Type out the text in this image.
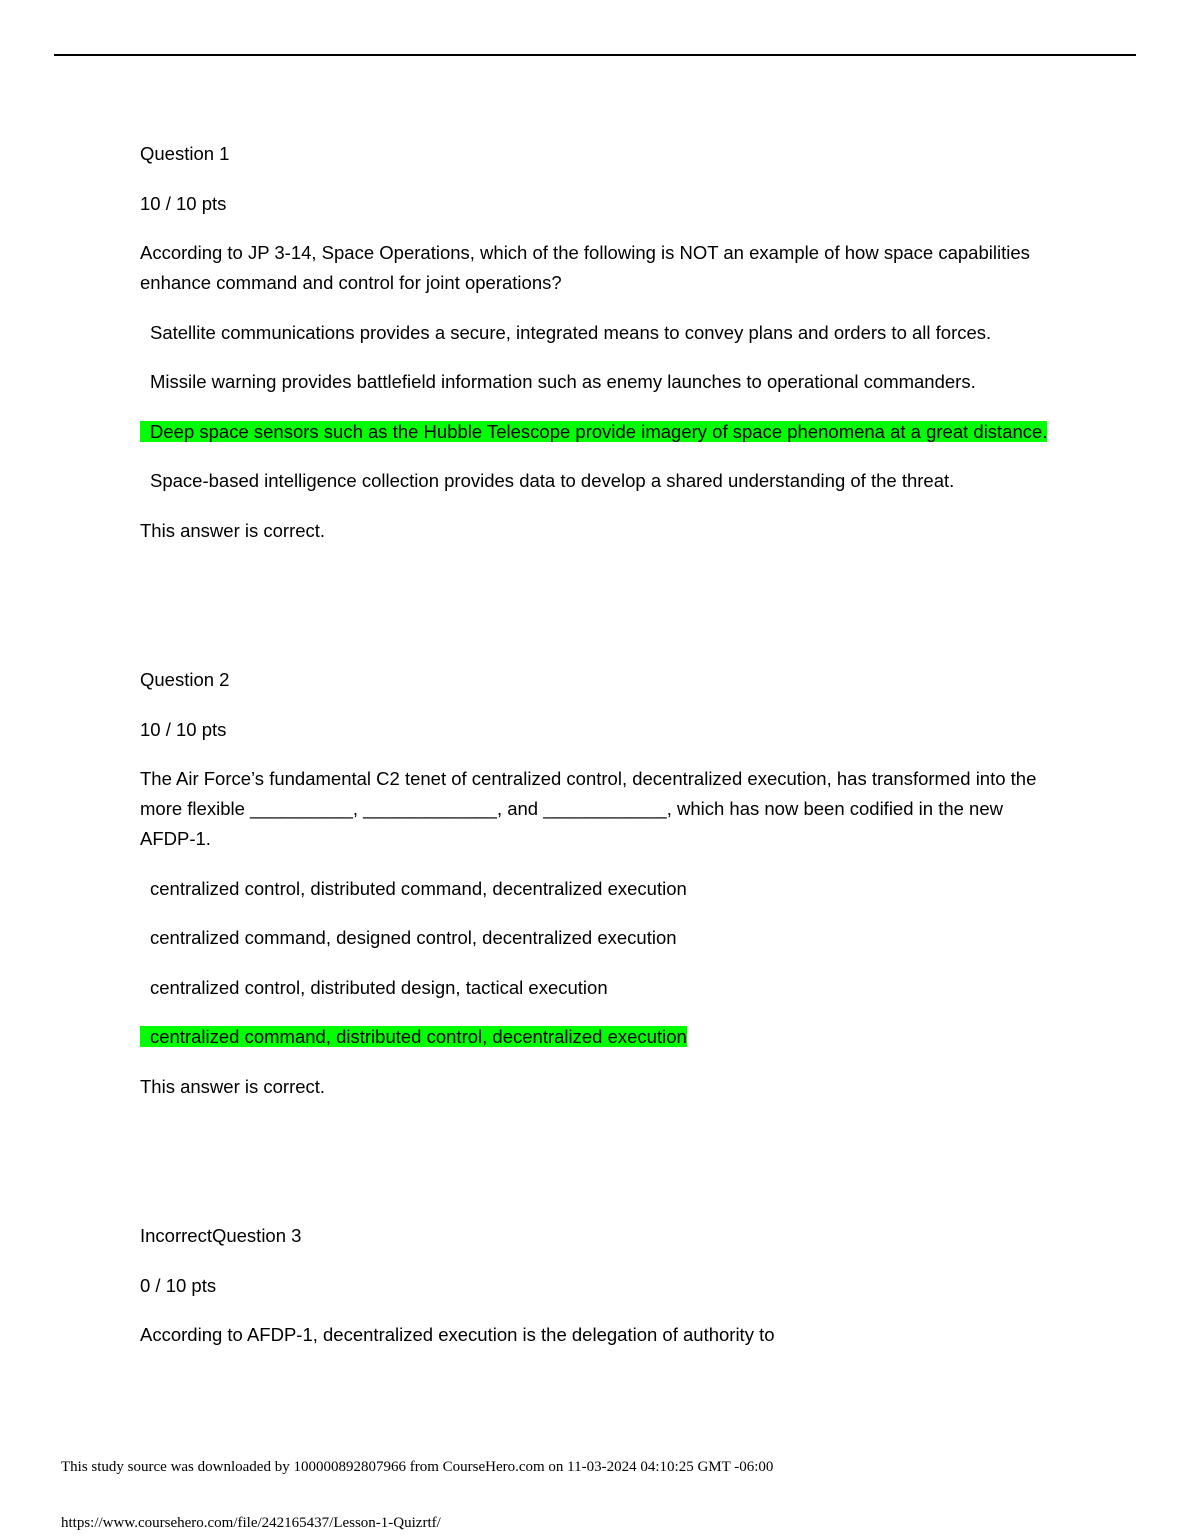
Question 1
10 / 10 pts
According to JP 3-14, Space Operations, which of the following is NOT an example of how space capabilities enhance command and control for joint operations?
Satellite communications provides a secure, integrated means to convey plans and orders to all forces.
Missile warning provides battlefield information such as enemy launches to operational commanders.
Deep space sensors such as the Hubble Telescope provide imagery of space phenomena at a great distance.
Space-based intelligence collection provides data to develop a shared understanding of the threat.
This answer is correct.
Question 2
10 / 10 pts
The Air Force’s fundamental C2 tenet of centralized control, decentralized execution, has transformed into the more flexible __________, _____________, and ____________, which has now been codified in the new AFDP-1.
centralized control, distributed command, decentralized execution
centralized command, designed control, decentralized execution
centralized control, distributed design, tactical execution
centralized command, distributed control, decentralized execution
This answer is correct.
IncorrectQuestion 3
0 / 10 pts
According to AFDP-1, decentralized execution is the delegation of authority to
This study source was downloaded by 100000892807966 from CourseHero.com on 11-03-2024 04:10:25 GMT -06:00
https://www.coursehero.com/file/242165437/Lesson-1-Quizrtf/
